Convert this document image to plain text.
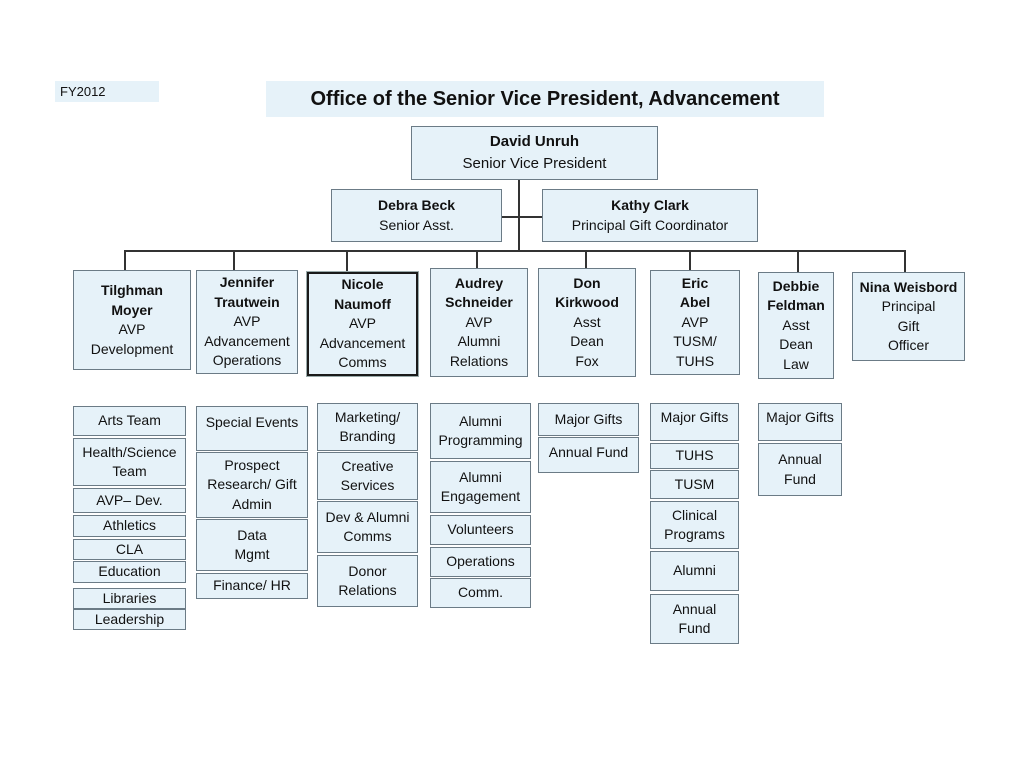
FY2012	Office of the Senior Vice President, Advancement
David Unruh
Senior Vice President
Debra Beck
Senior Asst.
Kathy Clark
Principal Gift Coordinator
Tilghman
Moyer
AVP
Development
Jennifer
Trautwein
AVP
Advancement
Operations
Nicole
Naumoff
AVP
Advancement
Comms
Audrey
Schneider
AVP
Alumni
Relations
Don
Kirkwood
Asst
Dean
Fox
Eric
Abel
AVP
TUSM/
TUHS
Debbie
Feldman
Asst
Dean
Law
Nina Weisbord
Principal
Gift
Officer
Arts Team
Health/Science Team
AVP– Dev.
Athletics
CLA
Education
Libraries
Leadership
Special Events
Prospect Research/ Gift Admin
Data Mgmt
Finance/ HR
Marketing/ Branding
Creative Services
Dev & Alumni Comms
Donor Relations
Alumni Programming
Alumni Engagement
Volunteers
Operations
Comm.
Major Gifts
Annual Fund
Major Gifts
TUHS
TUSM
Clinical Programs
Alumni
Annual Fund
Major Gifts
Annual Fund
